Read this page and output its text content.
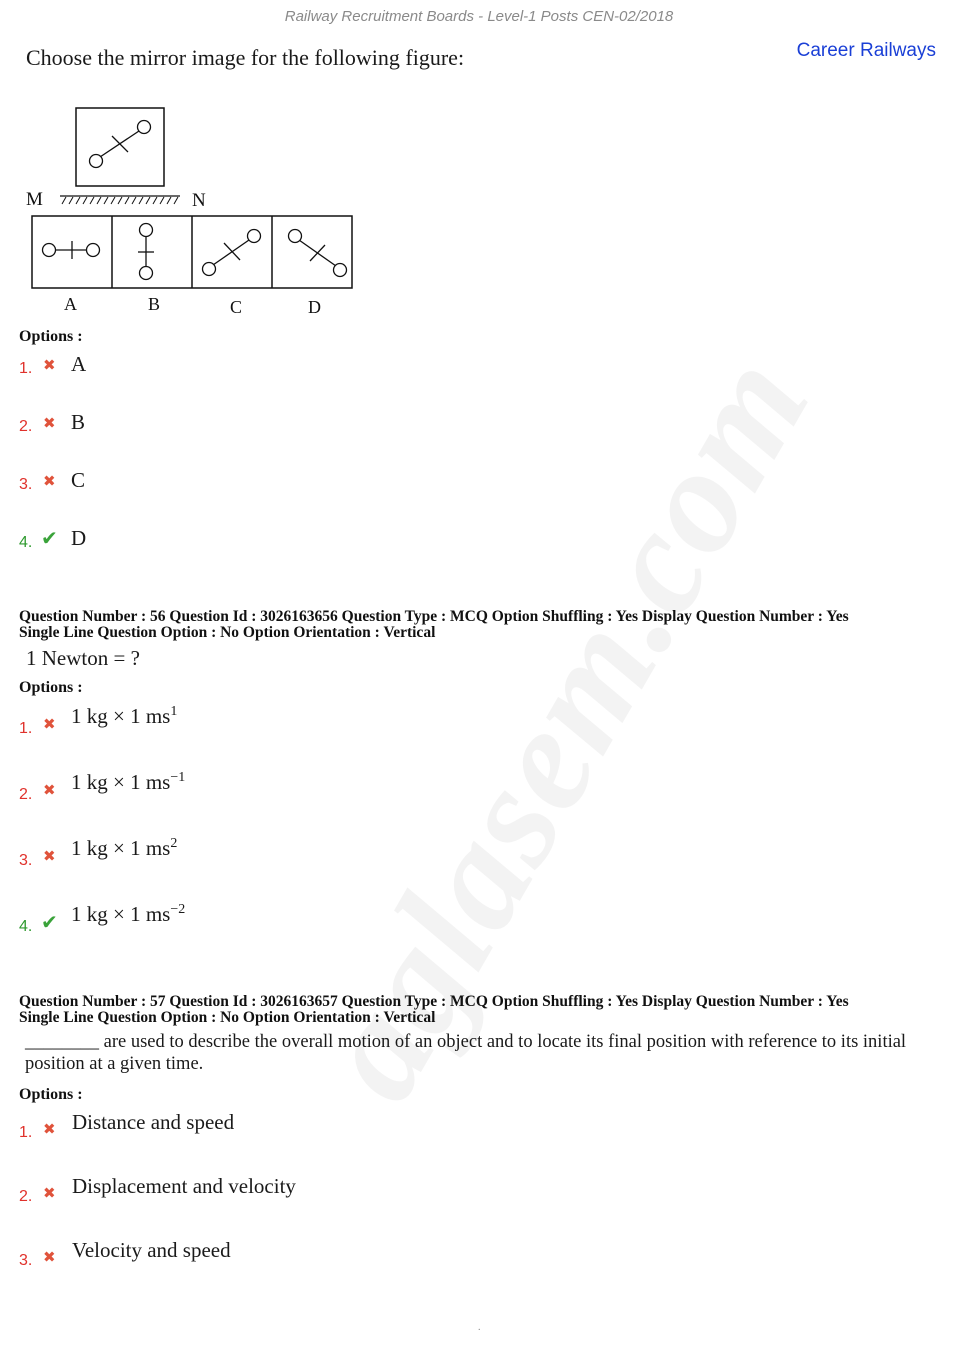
Railway Recruitment Boards - Level-1 Posts CEN-02/2018
Career Railways
Choose the mirror image for the following figure:
M	N
A	B	C	D
Options :
1. ✖ A
2. ✖ B
3. ✖ C
4. ✔ D
Question Number : 56 Question Id : 3026163656 Question Type : MCQ Option Shuffling : Yes Display Question Number : Yes
Single Line Question Option : No Option Orientation : Vertical
1 Newton = ?
Options :
1. ✖ 1 kg × 1 $ms^1$
2. ✖ 1 kg × 1 $ms^{-1}$
3. ✖ 1 kg × 1 $ms^2$
4. ✔ 1 kg × 1 $ms^{-2}$
Question Number : 57 Question Id : 3026163657 Question Type : MCQ Option Shuffling : Yes Display Question Number : Yes
Single Line Question Option : No Option Orientation : Vertical
________ are used to describe the overall motion of an object and to locate its final position with reference to its initial
position at a given time.
Options :
1. ✖ Distance and speed
2. ✖ Displacement and velocity
3. ✖ Velocity and speed
.
